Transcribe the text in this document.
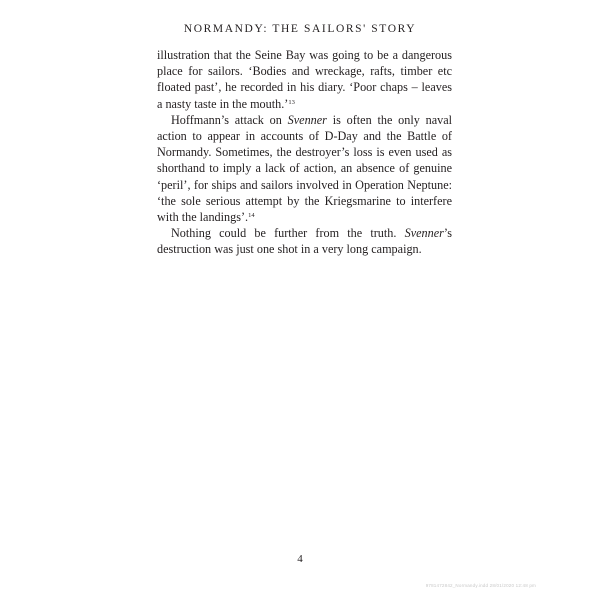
NORMANDY: THE SAILORS' STORY

illustration that the Seine Bay was going to be a dangerous place for sailors. ‘Bodies and wreckage, rafts, timber etc floated past’, he recorded in his diary. ‘Poor chaps – leaves a nasty taste in the mouth.’$^{13}$

Hoffmann’s attack on Svenner is often the only naval action to appear in accounts of D-Day and the Battle of Normandy. Sometimes, the destroyer’s loss is even used as shorthand to imply a lack of action, an absence of genuine ‘peril’, for ships and sailors involved in Operation Neptune: ‘the sole serious attempt by the Kriegsmarine to interfere with the landings’.$^{14}$

Nothing could be further from the truth. Svenner’s destruction was just one shot in a very long campaign.

4
9781472842_Normandy.indd 28/01/2020 12:48 pm
